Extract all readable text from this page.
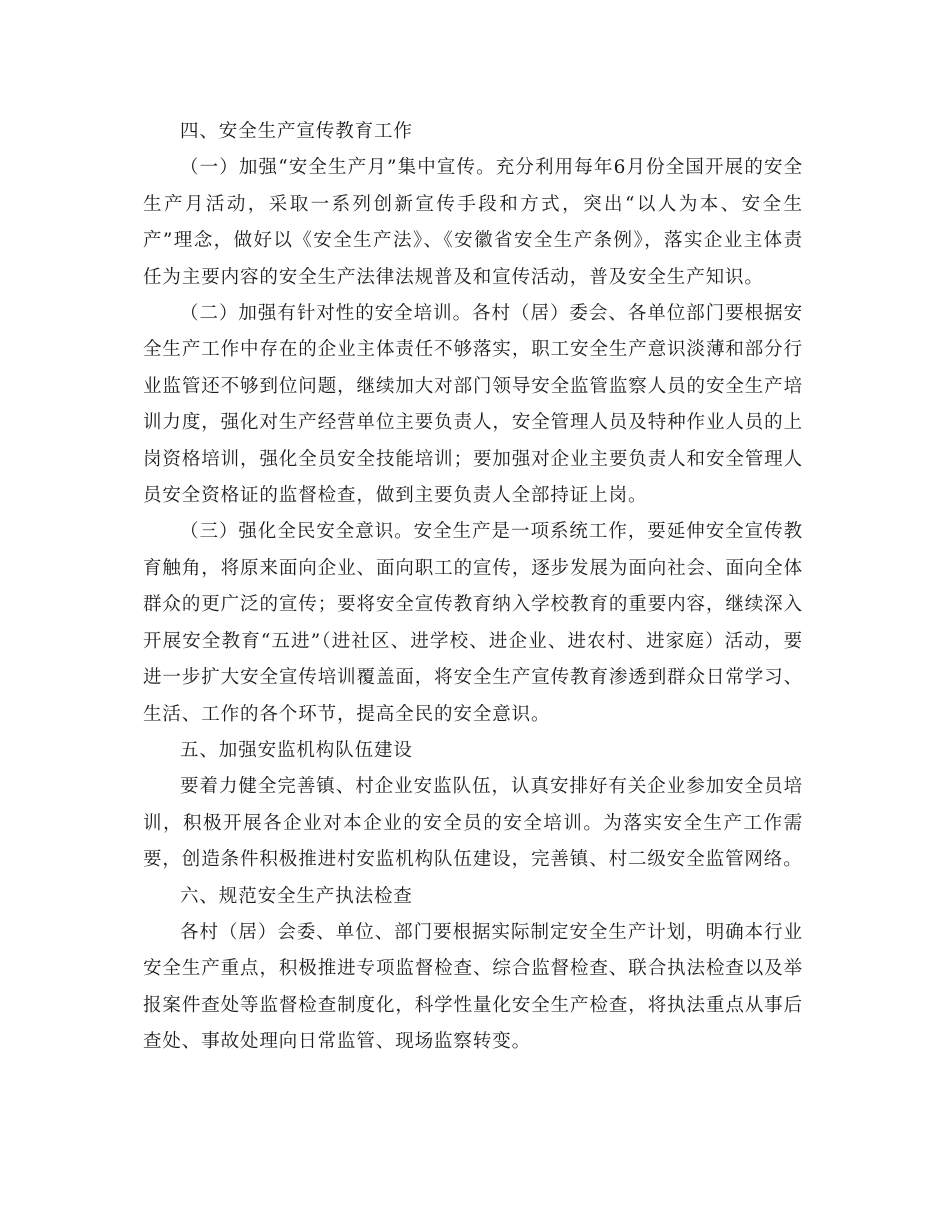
四、安全生产宣传教育工作

（一）加强“安全生产月”集中宣传。充分利用每年6月份全国开展的安全生产月活动，采取一系列创新宣传手段和方式，突出“以人为本、安全生产”理念，做好以《安全生产法》、《安徽省安全生产条例》，落实企业主体责任为主要内容的安全生产法律法规普及和宣传活动，普及安全生产知识。

（二）加强有针对性的安全培训。各村（居）委会、各单位部门要根据安全生产工作中存在的企业主体责任不够落实，职工安全生产意识淡薄和部分行业监管还不够到位问题，继续加大对部门领导安全监管监察人员的安全生产培训力度，强化对生产经营单位主要负责人，安全管理人员及特种作业人员的上岗资格培训，强化全员安全技能培训；要加强对企业主要负责人和安全管理人员安全资格证的监督检查，做到主要负责人全部持证上岗。

（三）强化全民安全意识。安全生产是一项系统工作，要延伸安全宣传教育触角，将原来面向企业、面向职工的宣传，逐步发展为面向社会、面向全体群众的更广泛的宣传；要将安全宣传教育纳入学校教育的重要内容，继续深入开展安全教育“五进”（进社区、进学校、进企业、进农村、进家庭）活动，要进一步扩大安全宣传培训覆盖面，将安全生产宣传教育渗透到群众日常学习、生活、工作的各个环节，提高全民的安全意识。

五、加强安监机构队伍建设

要着力健全完善镇、村企业安监队伍，认真安排好有关企业参加安全员培训，积极开展各企业对本企业的安全员的安全培训。为落实安全生产工作需要，创造条件积极推进村安监机构队伍建设，完善镇、村二级安全监管网络。

六、规范安全生产执法检查

各村（居）会委、单位、部门要根据实际制定安全生产计划，明确本行业安全生产重点，积极推进专项监督检查、综合监督检查、联合执法检查以及举报案件查处等监督检查制度化，科学性量化安全生产检查，将执法重点从事后查处、事故处理向日常监管、现场监察转变。
